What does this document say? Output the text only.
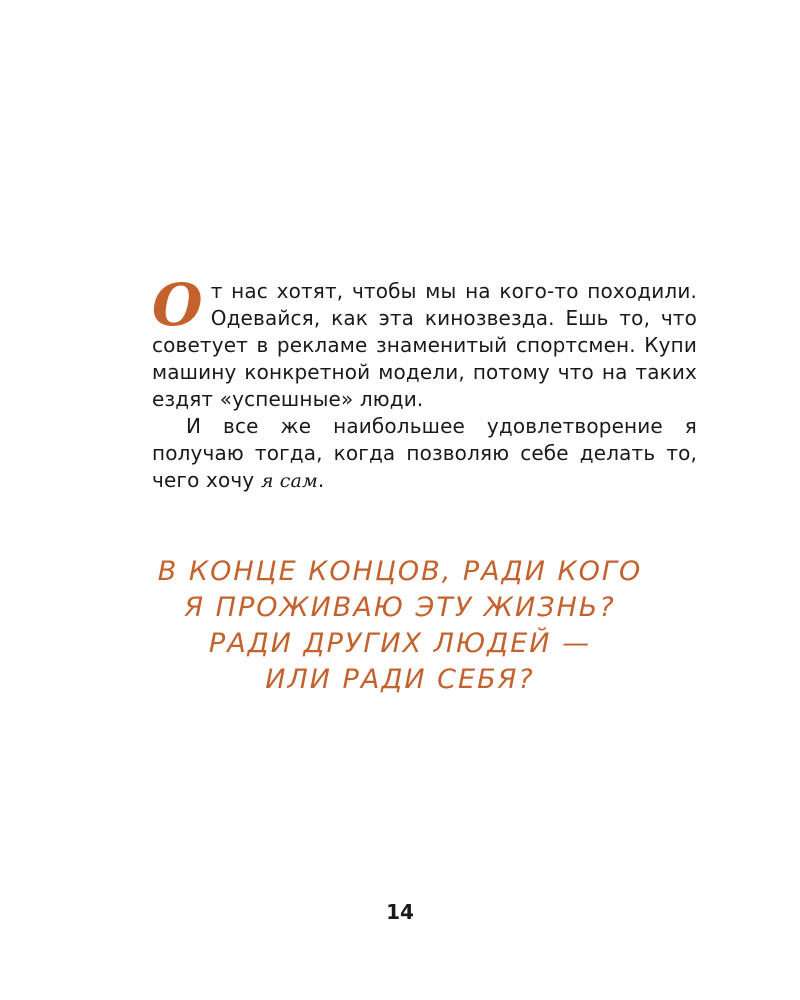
От нас хотят, чтобы мы на кого-то походили. Одевайся, как эта кинозвезда. Ешь то, что советует в рекламе знаменитый спортсмен. Купи машину конкретной модели, потому что на таких ездят «успешные» люди.

И все же наибольшее удовлетворение я получаю тогда, когда позволяю себе делать то, чего хочу я сам.

В КОНЦЕ КОНЦОВ, РАДИ КОГО
Я ПРОЖИВАЮ ЭТУ ЖИЗНЬ?
РАДИ ДРУГИХ ЛЮДЕЙ —
ИЛИ РАДИ СЕБЯ?
14
